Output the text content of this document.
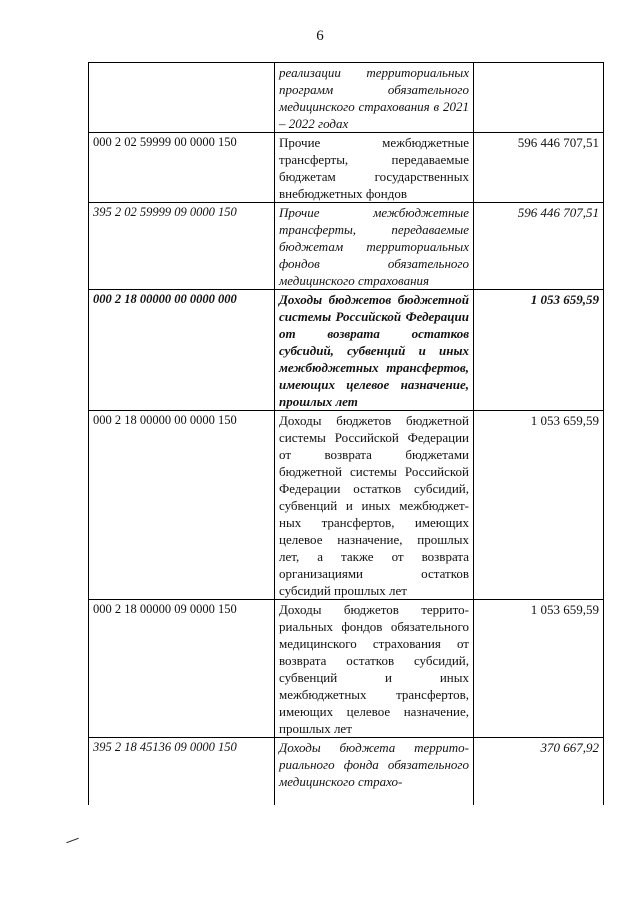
6
	реализации территориальных программ обязательного медицинского страхования в 2021 – 2022 годах	
000 2 02 59999 00 0000 150	Прочие межбюджетные трансферты, передаваемые бюджетам государственных внебюджетных фондов	596 446 707,51
395 2 02 59999 09 0000 150	Прочие межбюджетные трансферты, передаваемые бюджетам территориальных фондов обязательного медицинского страхования	596 446 707,51
000 2 18 00000 00 0000 000	Доходы бюджетов бюджетной системы Российской Федерации от возврата остатков субсидий, субвенций и иных межбюджетных трансфертов, имеющих целевое назначение, прошлых лет	1 053 659,59
000 2 18 00000 00 0000 150	Доходы бюджетов бюджетной системы Российской Федерации от возврата бюджетами бюджетной системы Российской Федерации остатков субсидий, субвенций и иных межбюджетных трансфертов, имеющих целевое назначение, прошлых лет, а также от возврата организациями остатков субсидий прошлых лет	1 053 659,59
000 2 18 00000 09 0000 150	Доходы бюджетов территориальных фондов обязательного медицинского страхования от возврата остатков субсидий, субвенций и иных межбюджетных трансфертов, имеющих целевое назначение, прошлых лет	1 053 659,59
395 2 18 45136 09 0000 150	Доходы бюджета территориального фонда обязательного медицинского страхо-	370 667,92
